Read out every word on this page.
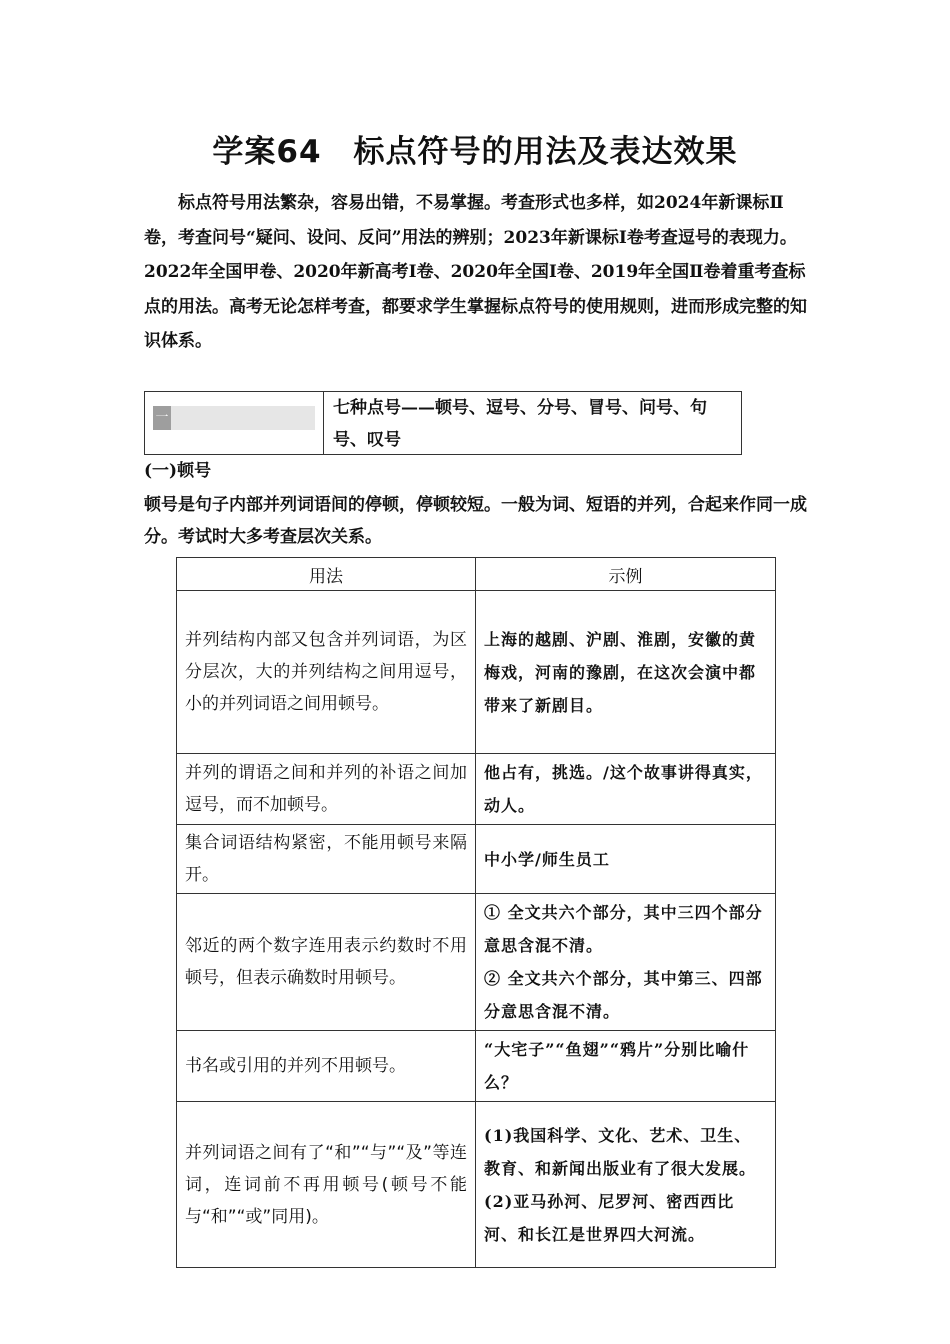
学案64　标点符号的用法及表达效果

标点符号用法繁杂，容易出错，不易掌握。考查形式也多样，如2024年新课标Ⅱ卷，考查问号“疑问、设问、反问”用法的辨别；2023年新课标Ⅰ卷考查逗号的表现力。2022年全国甲卷、2020年新高考Ⅰ卷、2020年全国Ⅰ卷、2019年全国Ⅱ卷着重考查标点的用法。高考无论怎样考查，都要求学生掌握标点符号的使用规则，进而形成完整的知识体系。

一	七种点号——顿号、逗号、分号、冒号、问号、句号、叹号

(一)顿号

顿号是句子内部并列词语间的停顿，停顿较短。一般为词、短语的并列，合起来作同一成分。考试时大多考查层次关系。

用法	示例
并列结构内部又包含并列词语，为区分层次，大的并列结构之间用逗号，小的并列词语之间用顿号。	上海的越剧、沪剧、淮剧，安徽的黄梅戏，河南的豫剧，在这次会演中都带来了新剧目。

并列的谓语之间和并列的补语之间加逗号，而不加顿号。	他占有，挑选。/这个故事讲得真实，动人。

集合词语结构紧密，不能用顿号来隔开。	中小学/师生员工

邻近的两个数字连用表示约数时不用顿号，但表示确数时用顿号。	① 全文共六个部分，其中三四个部分意思含混不清。
② 全文共六个部分，其中第三、四部分意思含混不清。

书名或引用的并列不用顿号。	“大宅子”“鱼翅”“鸦片”分别比喻什么？

并列词语之间有了“和”“与”“及”等连词，连词前不再用顿号(顿号不能与“和”“或”同用)。	(1)我国科学、文化、艺术、卫生、教育、和新闻出版业有了很大发展。
(2)亚马孙河、尼罗河、密西西比河、和长江是世界四大河流。
